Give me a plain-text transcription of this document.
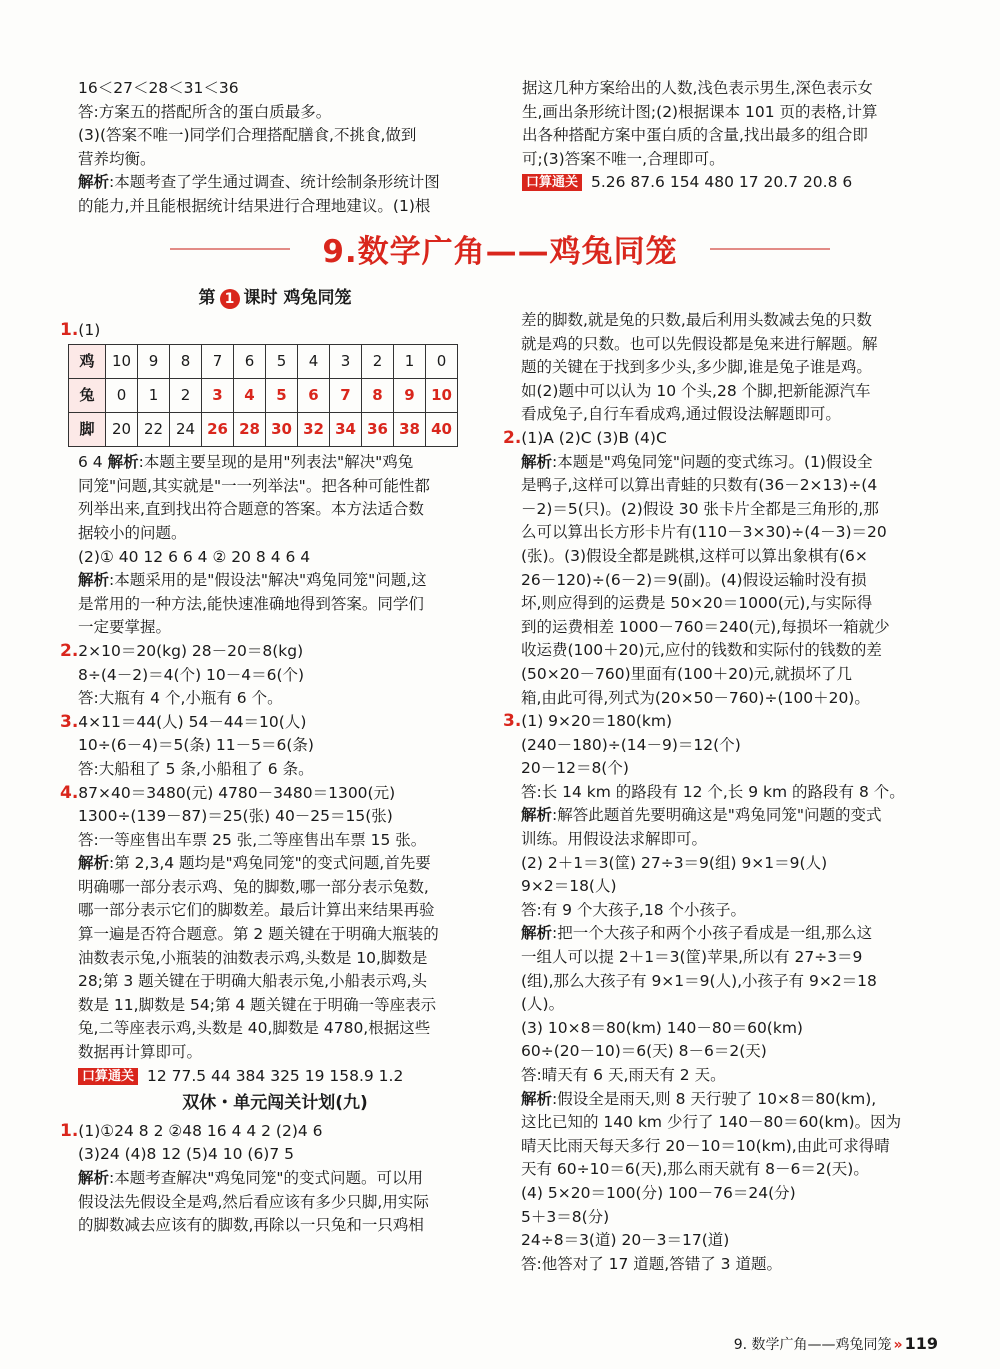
16＜27＜28＜31＜36

答:方案五的搭配所含的蛋白质最多。

(3)(答案不唯一)同学们合理搭配膳食,不挑食,做到

营养均衡。

解析:本题考查了学生通过调查、统计绘制条形统计图

的能力,并且能根据统计结果进行合理地建议。(1)根

据这几种方案给出的人数,浅色表示男生,深色表示女

生,画出条形统计图;(2)根据课本 101 页的表格,计算

出各种搭配方案中蛋白质的含量,找出最多的组合即

可;(3)答案不唯一,合理即可。

口算通关 5.26 87.6 154 480 17 20.7 20.8 6

9.数学广角——鸡兔同笼
第 1 课时 鸡兔同笼

1.(1)

鸡	10	9	8	7	6	5	4	3	2	1	0
兔	0	1	2	3	4	5	6	7	8	9	10
脚	20	22	24	26	28	30	32	34	36	38	40

6 4 解析:本题主要呈现的是用"列表法"解决"鸡兔

同笼"问题,其实就是"一一列举法"。把各种可能性都

列举出来,直到找出符合题意的答案。本方法适合数

据较小的问题。

(2)① 40 12 6 6 4 ② 20 8 4 6 4

解析:本题采用的是"假设法"解决"鸡兔同笼"问题,这

是常用的一种方法,能快速准确地得到答案。同学们

一定要掌握。

2.2×10＝20(kg) 28－20＝8(kg)

8÷(4－2)＝4(个) 10－4＝6(个)

答:大瓶有 4 个,小瓶有 6 个。

3.4×11＝44(人) 54－44＝10(人)

10÷(6－4)＝5(条) 11－5＝6(条)

答:大船租了 5 条,小船租了 6 条。

4.87×40＝3480(元) 4780－3480＝1300(元)

1300÷(139－87)＝25(张) 40－25＝15(张)

答:一等座售出车票 25 张,二等座售出车票 15 张。

解析:第 2,3,4 题均是"鸡兔同笼"的变式问题,首先要

明确哪一部分表示鸡、兔的脚数,哪一部分表示兔数,

哪一部分表示它们的脚数差。最后计算出来结果再验

算一遍是否符合题意。第 2 题关键在于明确大瓶装的

油数表示兔,小瓶装的油数表示鸡,头数是 10,脚数是

28;第 3 题关键在于明确大船表示兔,小船表示鸡,头

数是 11,脚数是 54;第 4 题关键在于明确一等座表示

兔,二等座表示鸡,头数是 40,脚数是 4780,根据这些

数据再计算即可。

口算通关 12 77.5 44 384 325 19 158.9 1.2

双休・单元闯关计划(九)

1.(1)①24 8 2 ②48 16 4 4 2 (2)4 6

(3)24 (4)8 12 (5)4 10 (6)7 5

解析:本题考查解决"鸡兔同笼"的变式问题。可以用

假设法先假设全是鸡,然后看应该有多少只脚,用实际

的脚数减去应该有的脚数,再除以一只兔和一只鸡相

差的脚数,就是兔的只数,最后利用头数减去兔的只数

就是鸡的只数。也可以先假设都是兔来进行解题。解

题的关键在于找到多少头,多少脚,谁是兔子谁是鸡。

如(2)题中可以认为 10 个头,28 个脚,把新能源汽车

看成兔子,自行车看成鸡,通过假设法解题即可。

2.(1)A (2)C (3)B (4)C

解析:本题是"鸡兔同笼"问题的变式练习。(1)假设全

是鸭子,这样可以算出青蛙的只数有(36－2×13)÷(4

－2)＝5(只)。(2)假设 30 张卡片全都是三角形的,那

么可以算出长方形卡片有(110－3×30)÷(4－3)＝20

(张)。(3)假设全都是跳棋,这样可以算出象棋有(6×

26－120)÷(6－2)＝9(副)。(4)假设运输时没有损

坏,则应得到的运费是 50×20＝1000(元),与实际得

到的运费相差 1000－760＝240(元),每损坏一箱就少

收运费(100＋20)元,应付的钱数和实际付的钱数的差

(50×20－760)里面有(100＋20)元,就损坏了几

箱,由此可得,列式为(20×50－760)÷(100＋20)。

3.(1) 9×20＝180(km)

(240－180)÷(14－9)＝12(个)

20－12＝8(个)

答:长 14 km 的路段有 12 个,长 9 km 的路段有 8 个。

解析:解答此题首先要明确这是"鸡兔同笼"问题的变式

训练。用假设法求解即可。

(2) 2＋1＝3(筐) 27÷3＝9(组) 9×1＝9(人)

9×2＝18(人)

答:有 9 个大孩子,18 个小孩子。

解析:把一个大孩子和两个小孩子看成是一组,那么这

一组人可以提 2＋1＝3(筐)苹果,所以有 27÷3＝9

(组),那么大孩子有 9×1＝9(人),小孩子有 9×2＝18

(人)。

(3) 10×8＝80(km) 140－80＝60(km)

60÷(20－10)＝6(天) 8－6＝2(天)

答:晴天有 6 天,雨天有 2 天。

解析:假设全是雨天,则 8 天行驶了 10×8＝80(km),

这比已知的 140 km 少行了 140－80＝60(km)。因为

晴天比雨天每天多行 20－10＝10(km),由此可求得晴

天有 60÷10＝6(天),那么雨天就有 8－6＝2(天)。

(4) 5×20＝100(分) 100－76＝24(分)

5＋3＝8(分)

24÷8＝3(道) 20－3＝17(道)

答:他答对了 17 道题,答错了 3 道题。

9. 数学广角——鸡兔同笼 » 119
